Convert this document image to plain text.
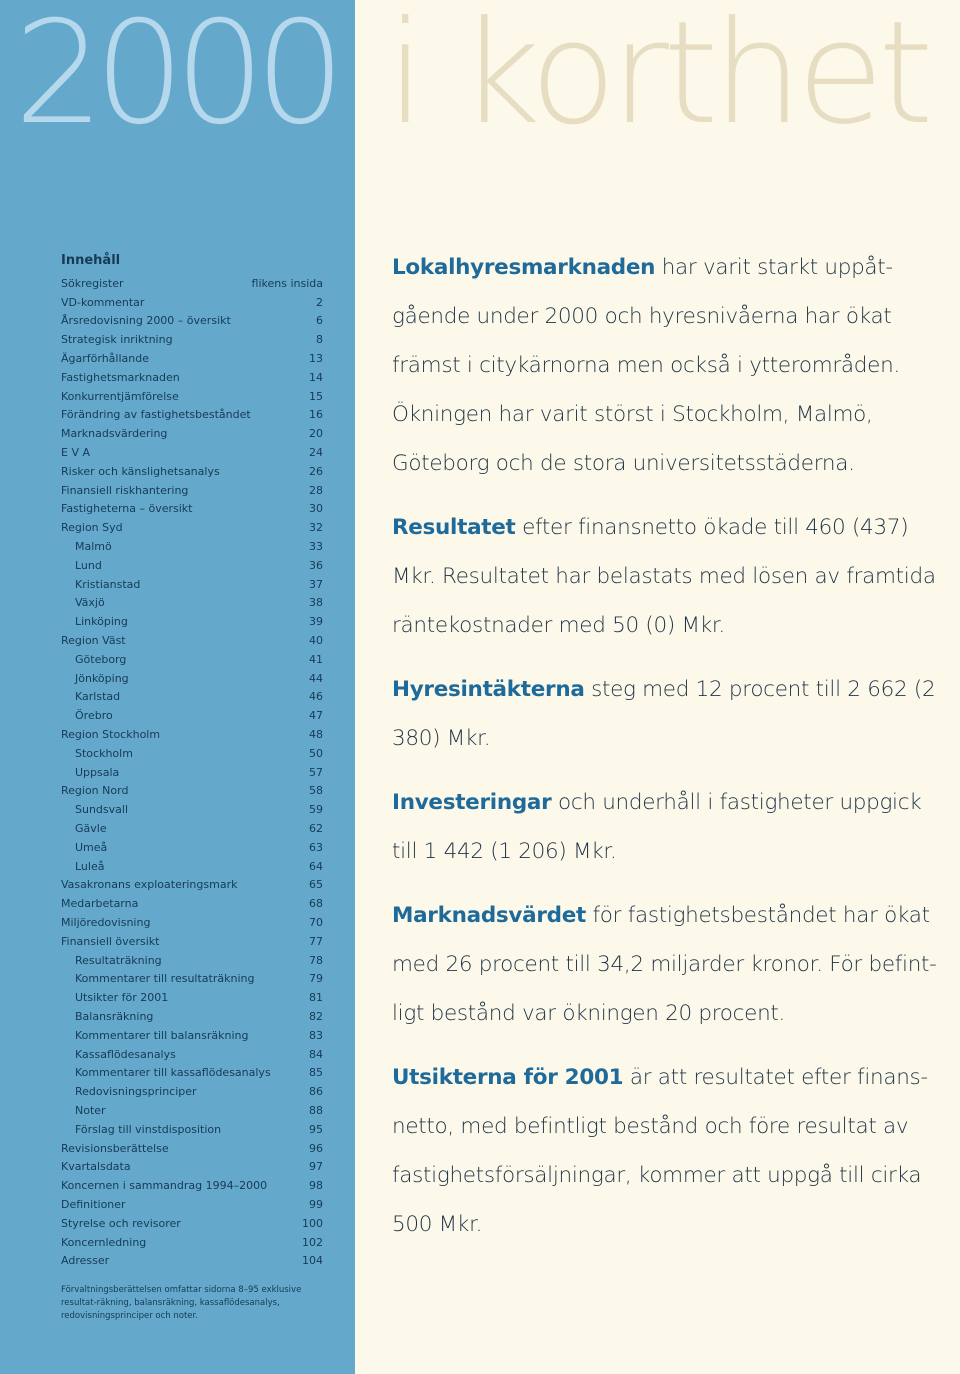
2000 i korthet
Innehåll
Sökregister	flikens insida
VD-kommentar	2
Årsredovisning 2000 – översikt	6
Strategisk inriktning	8
Ägarförhållande	13
Fastighetsmarknaden	14
Konkurrentjämförelse	15
Förändring av fastighetsbeståndet	16
Marknadsvärdering	20
E V A	24
Risker och känslighetsanalys	26
Finansiell riskhantering	28
Fastigheterna – översikt	30
Region Syd	32
Malmö	33
Lund	36
Kristianstad	37
Växjö	38
Linköping	39
Region Väst	40
Göteborg	41
Jönköping	44
Karlstad	46
Örebro	47
Region Stockholm	48
Stockholm	50
Uppsala	57
Region Nord	58
Sundsvall	59
Gävle	62
Umeå	63
Luleå	64
Vasakronans exploateringsmark	65
Medarbetarna	68
Miljöredovisning	70
Finansiell översikt	77
Resultaträkning	78
Kommentarer till resultaträkning	79
Utsikter för 2001	81
Balansräkning	82
Kommentarer till balansräkning	83
Kassaflödesanalys	84
Kommentarer till kassaflödesanalys	85
Redovisningsprinciper	86
Noter	88
Förslag till vinstdisposition	95
Revisionsberättelse	96
Kvartalsdata	97
Koncernen i sammandrag 1994–2000	98
Definitioner	99
Styrelse och revisorer	100
Koncernledning	102
Adresser	104
Förvaltningsberättelsen omfattar sidorna 8–95 exklusive resultat-räkning, balansräkning, kassaflödesanalys, redovisningsprinciper och noter.

Lokalhyresmarknaden har varit starkt uppåt-gående under 2000 och hyresnivåerna har ökat främst i citykärnorna men också i ytterområden. Ökningen har varit störst i Stockholm, Malmö, Göteborg och de stora universitetsstäderna.

Resultatet efter finansnetto ökade till 460 (437) Mkr. Resultatet har belastats med lösen av framtida räntekostnader med 50 (0) Mkr.

Hyresintäkterna steg med 12 procent till 2 662 (2 380) Mkr.

Investeringar och underhåll i fastigheter uppgick till 1 442 (1 206) Mkr.

Marknadsvärdet för fastighetsbeståndet har ökat med 26 procent till 34,2 miljarder kronor. För befint-ligt bestånd var ökningen 20 procent.

Utsikterna för 2001 är att resultatet efter finans-netto, med befintligt bestånd och före resultat av fastighetsförsäljningar, kommer att uppgå till cirka 500 Mkr.
